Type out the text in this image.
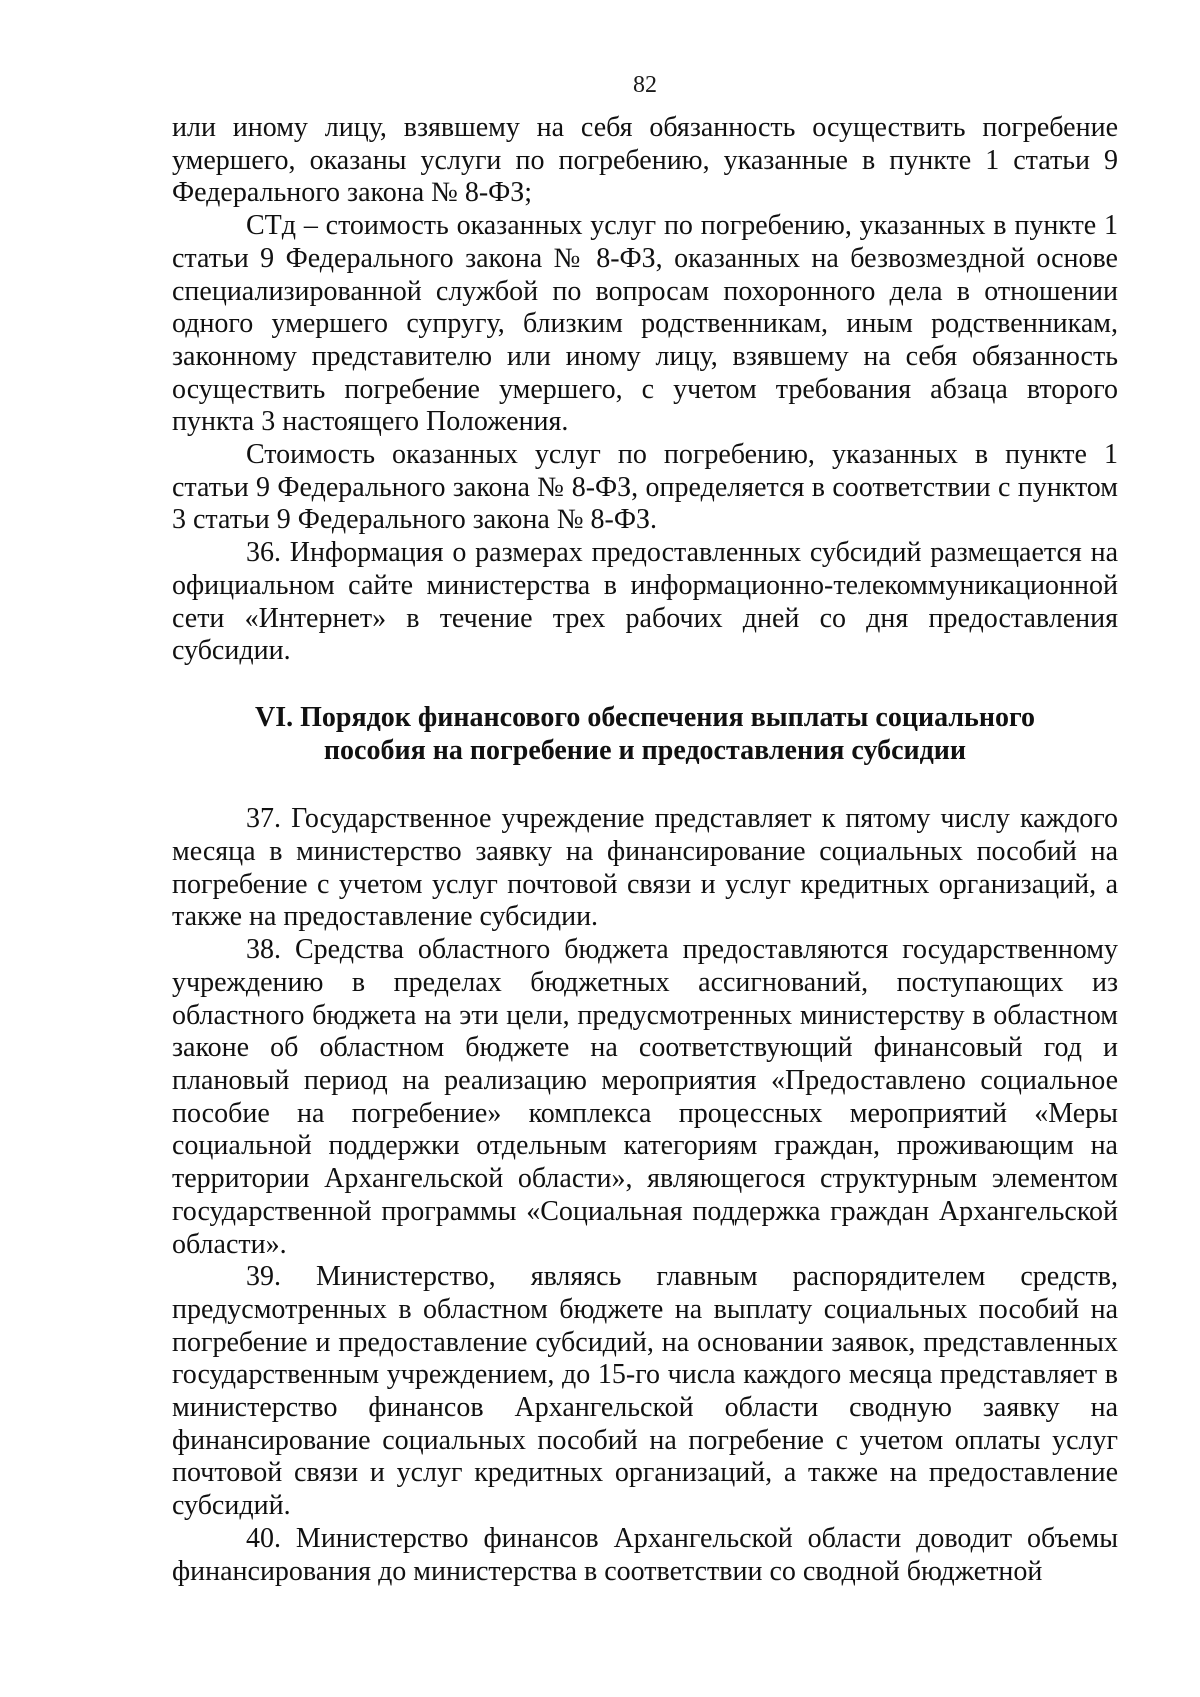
82

или иному лицу, взявшему на себя обязанность осуществить погребение умершего, оказаны услуги по погребению, указанные в пункте 1 статьи 9 Федерального закона № 8-ФЗ;

СТд – стоимость оказанных услуг по погребению, указанных в пункте 1 статьи 9 Федерального закона № 8-ФЗ, оказанных на безвозмездной основе специализированной службой по вопросам похоронного дела в отношении одного умершего супругу, близким родственникам, иным родственникам, законному представителю или иному лицу, взявшему на себя обязанность осуществить погребение умершего, с учетом требования абзаца второго пункта 3 настоящего Положения.

Стоимость оказанных услуг по погребению, указанных в пункте 1 статьи 9 Федерального закона № 8-ФЗ, определяется в соответствии с пунктом 3 статьи 9 Федерального закона № 8-ФЗ.

36. Информация о размерах предоставленных субсидий размещается на официальном сайте министерства в информационно-телекоммуникационной сети «Интернет» в течение трех рабочих дней со дня предоставления субсидии.

VI. Порядок финансового обеспечения выплаты социального
пособия на погребение и предоставления субсидии

37. Государственное учреждение представляет к пятому числу каждого месяца в министерство заявку на финансирование социальных пособий на погребение с учетом услуг почтовой связи и услуг кредитных организаций, а также на предоставление субсидии.

38. Средства областного бюджета предоставляются государственному учреждению в пределах бюджетных ассигнований, поступающих из областного бюджета на эти цели, предусмотренных министерству в областном законе об областном бюджете на соответствующий финансовый год и плановый период на реализацию мероприятия «Предоставлено социальное пособие на погребение» комплекса процессных мероприятий «Меры социальной поддержки отдельным категориям граждан, проживающим на территории Архангельской области», являющегося структурным элементом государственной программы «Социальная поддержка граждан Архангельской области».

39. Министерство, являясь главным распорядителем средств, предусмотренных в областном бюджете на выплату социальных пособий на погребение и предоставление субсидий, на основании заявок, представленных государственным учреждением, до 15-го числа каждого месяца представляет в министерство финансов Архангельской области сводную заявку на финансирование социальных пособий на погребение с учетом оплаты услуг почтовой связи и услуг кредитных организаций, а также на предоставление субсидий.

40. Министерство финансов Архангельской области доводит объемы финансирования до министерства в соответствии со сводной бюджетной
